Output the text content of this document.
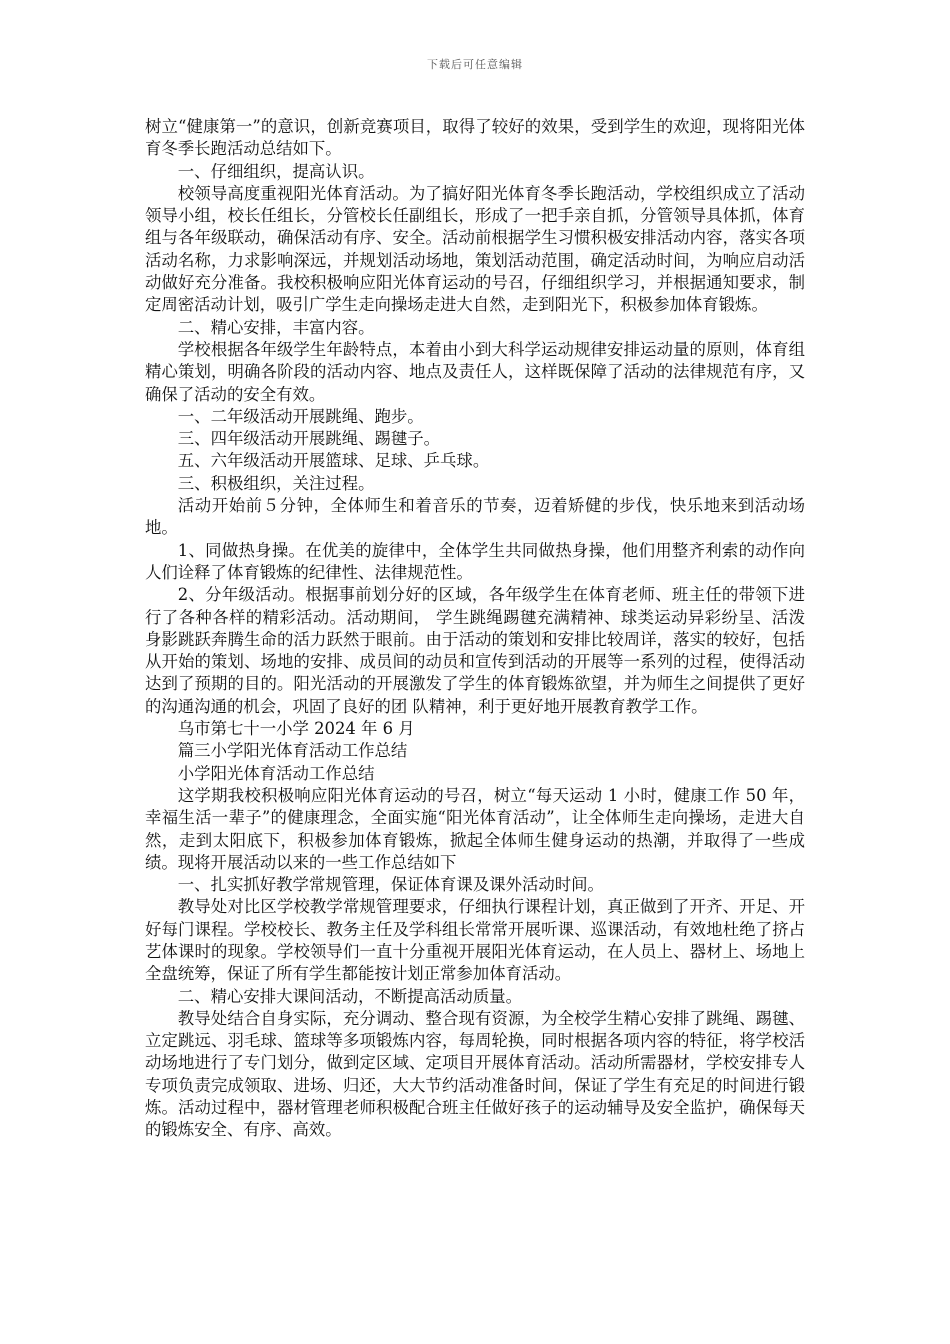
下载后可任意编辑

树立“健康第一”的意识，创新竞赛项目，取得了较好的效果，受到学生的欢迎，现将阳光体育冬季长跑活动总结如下。

一、仔细组织，提高认识。

校领导高度重视阳光体育活动。为了搞好阳光体育冬季长跑活动，学校组织成立了活动领导小组，校长任组长，分管校长任副组长，形成了一把手亲自抓，分管领导具体抓，体育组与各年级联动，确保活动有序、安全。活动前根据学生习惯积极安排活动内容，落实各项活动名称，力求影响深远，并规划活动场地，策划活动范围，确定活动时间，为响应启动活动做好充分准备。我校积极响应阳光体育运动的号召，仔细组织学习，并根据通知要求，制定周密活动计划，吸引广学生走向操场走进大自然，走到阳光下，积极参加体育锻炼。

二、精心安排，丰富内容。

学校根据各年级学生年龄特点，本着由小到大科学运动规律安排运动量的原则，体育组精心策划，明确各阶段的活动内容、地点及责任人，这样既保障了活动的法律规范有序，又确保了活动的安全有效。

一、二年级活动开展跳绳、跑步。

三、四年级活动开展跳绳、踢毽子。

五、六年级活动开展篮球、足球、乒乓球。

三、积极组织，关注过程。

活动开始前５分钟，全体师生和着音乐的节奏，迈着矫健的步伐，快乐地来到活动场地。

1、同做热身操。在优美的旋律中，全体学生共同做热身操，他们用整齐利索的动作向人们诠释了体育锻炼的纪律性、法律规范性。

2、分年级活动。根据事前划分好的区域，各年级学生在体育老师、班主任的带领下进行了各种各样的精彩活动。活动期间， 学生跳绳踢毽充满精神、球类运动异彩纷呈、活泼身影跳跃奔腾生命的活力跃然于眼前。由于活动的策划和安排比较周详，落实的较好，包括从开始的策划、场地的安排、成员间的动员和宣传到活动的开展等一系列的过程，使得活动达到了预期的目的。阳光活动的开展激发了学生的体育锻炼欲望，并为师生之间提供了更好的沟通沟通的机会，巩固了良好的团 队精神，利于更好地开展教育教学工作。

乌市第七十一小学 2024 年 6 月

篇三小学阳光体育活动工作总结

小学阳光体育活动工作总结

这学期我校积极响应阳光体育运动的号召，树立“每天运动 1 小时，健康工作 50 年，幸福生活一辈子”的健康理念，全面实施“阳光体育活动”，让全体师生走向操场，走进大自然，走到太阳底下，积极参加体育锻炼，掀起全体师生健身运动的热潮，并取得了一些成绩。现将开展活动以来的一些工作总结如下

一、扎实抓好教学常规管理，保证体育课及课外活动时间。

教导处对比区学校教学常规管理要求，仔细执行课程计划，真正做到了开齐、开足、开好每门课程。学校校长、教务主任及学科组长常常开展听课、巡课活动，有效地杜绝了挤占艺体课时的现象。学校领导们一直十分重视开展阳光体育运动，在人员上、器材上、场地上全盘统筹，保证了所有学生都能按计划正常参加体育活动。

二、精心安排大课间活动，不断提高活动质量。

教导处结合自身实际，充分调动、整合现有资源，为全校学生精心安排了跳绳、踢毽、立定跳远、羽毛球、篮球等多项锻炼内容，每周轮换，同时根据各项内容的特征，将学校活动场地进行了专门划分，做到定区域、定项目开展体育活动。活动所需器材，学校安排专人专项负责完成领取、进场、归还，大大节约活动准备时间，保证了学生有充足的时间进行锻炼。活动过程中，器材管理老师积极配合班主任做好孩子的运动辅导及安全监护，确保每天的锻炼安全、有序、高效。
